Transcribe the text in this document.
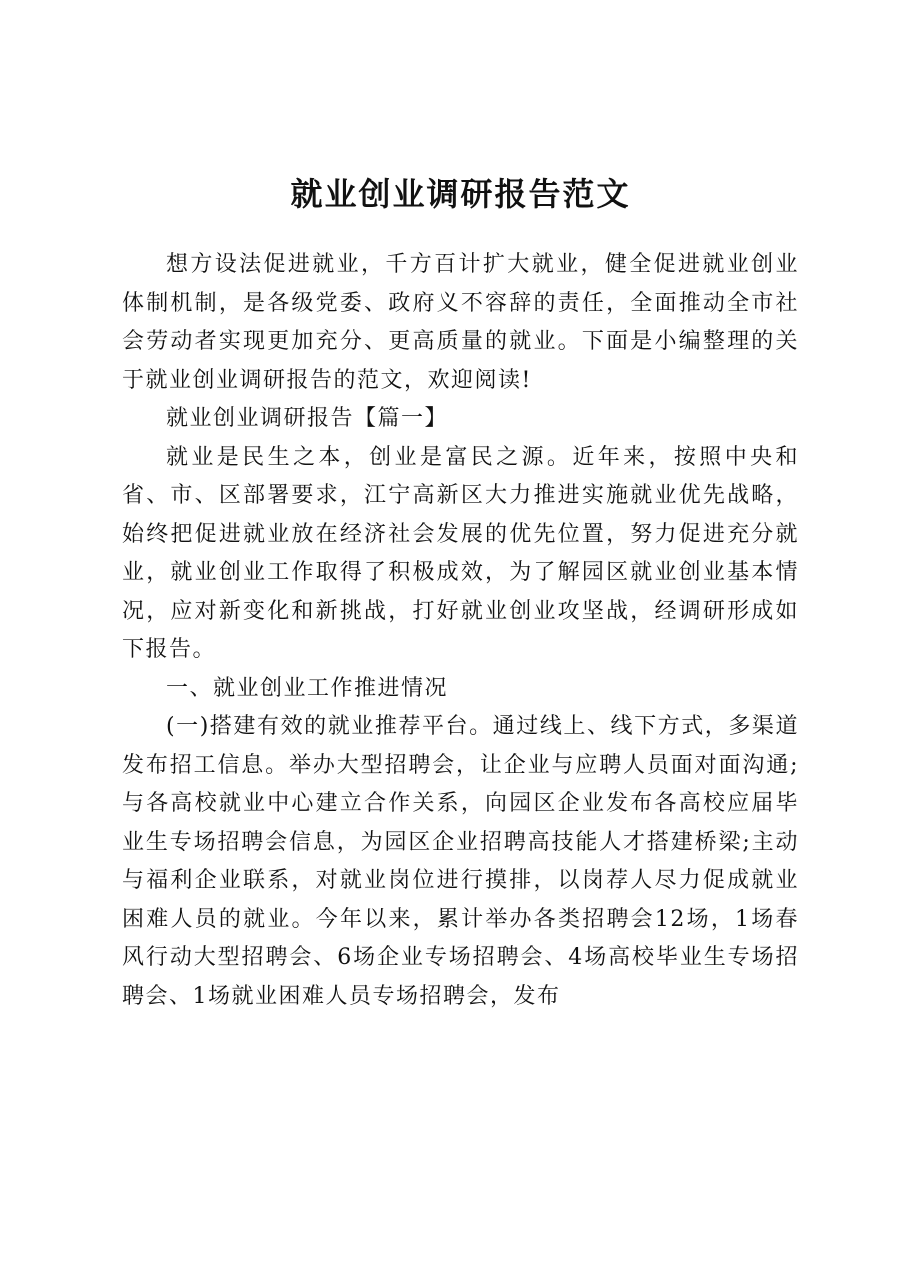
就业创业调研报告范文

想方设法促进就业，千方百计扩大就业，健全促进就业创业体制机制，是各级党委、政府义不容辞的责任，全面推动全市社会劳动者实现更加充分、更高质量的就业。下面是小编整理的关于就业创业调研报告的范文，欢迎阅读!

就业创业调研报告【篇一】

就业是民生之本，创业是富民之源。近年来，按照中央和省、市、区部署要求，江宁高新区大力推进实施就业优先战略，始终把促进就业放在经济社会发展的优先位置，努力促进充分就业，就业创业工作取得了积极成效，为了解园区就业创业基本情况，应对新变化和新挑战，打好就业创业攻坚战，经调研形成如下报告。

一、就业创业工作推进情况

(一)搭建有效的就业推荐平台。通过线上、线下方式，多渠道发布招工信息。举办大型招聘会，让企业与应聘人员面对面沟通;与各高校就业中心建立合作关系，向园区企业发布各高校应届毕业生专场招聘会信息，为园区企业招聘高技能人才搭建桥梁;主动与福利企业联系，对就业岗位进行摸排，以岗荐人尽力促成就业困难人员的就业。今年以来，累计举办各类招聘会12场，1场春风行动大型招聘会、6场企业专场招聘会、4场高校毕业生专场招聘会、1场就业困难人员专场招聘会，发布
